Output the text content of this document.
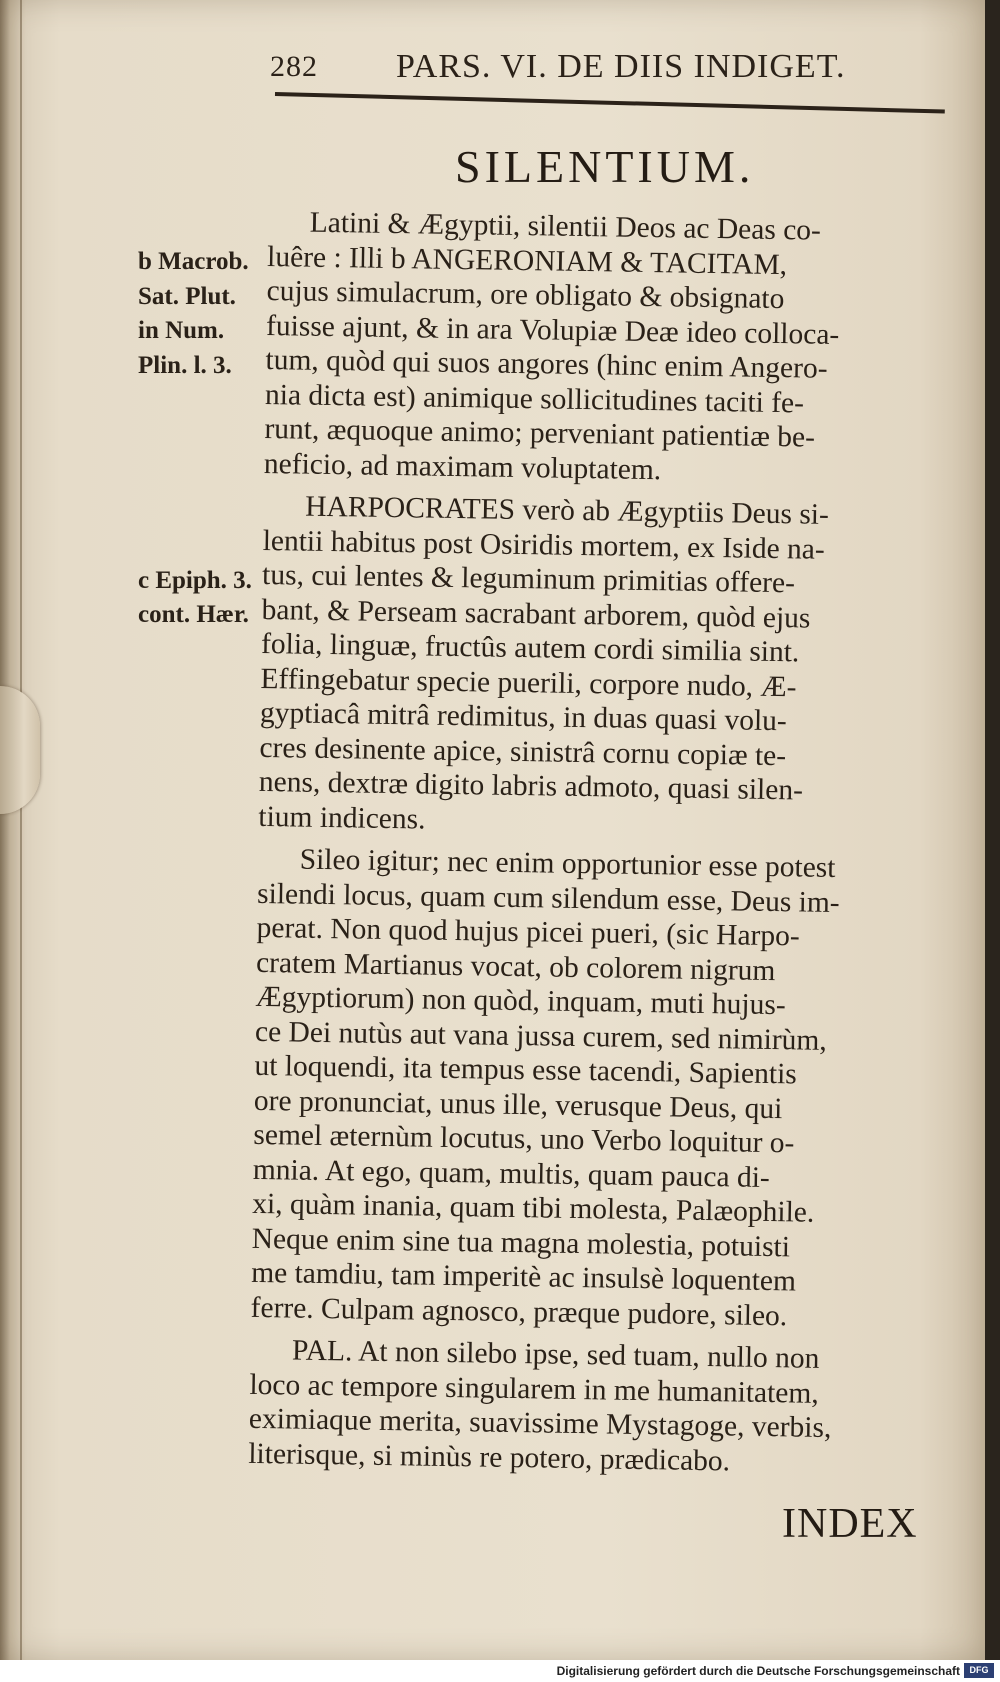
282 PARS. VI. DE DIIS INDIGET.
SILENTIUM.
b Macrob.
Sat. Plut.
in Num.
Plin. l. 3.
c Epiph. 3.
cont. Hær.
Latini & Ægyptii, silentii Deos ac Deas co-
luêre : Illi b ANGERONIAM & TACITAM,
cujus simulacrum, ore obligato & obsignato
fuisse ajunt, & in ara Volupiæ Deæ ideo colloca-
tum, quòd qui suos angores (hinc enim Angero-
nia dicta est) animique sollicitudines taciti fe-
runt, æquoque animo; perveniant patientiæ be-
neficio, ad maximam voluptatem.
HARPOCRATES verò ab Ægyptiis Deus si-
lentii habitus post Osiridis mortem, ex Iside na-
tus, cui lentes & leguminum primitias offere-
bant, & Perseam sacrabant arborem, quòd ejus
folia, linguæ, fructûs autem cordi similia sint.
Effingebatur specie puerili, corpore nudo, Æ-
gyptiacâ mitrâ redimitus, in duas quasi volu-
cres desinente apice, sinistrâ cornu copiæ te-
nens, dextræ digito labris admoto, quasi silen-
tium indicens.
Sileo igitur; nec enim opportunior esse potest
silendi locus, quam cum silendum esse, Deus im-
perat. Non quod hujus picei pueri, (sic Harpo-
cratem Martianus vocat, ob colorem nigrum
Ægyptiorum) non quòd, inquam, muti hujus-
ce Dei nutùs aut vana jussa curem, sed nimirùm,
ut loquendi, ita tempus esse tacendi, Sapientis
ore pronunciat, unus ille, verusque Deus, qui
semel æternùm locutus, uno Verbo loquitur o-
mnia. At ego, quam, multis, quam pauca di-
xi, quàm inania, quam tibi molesta, Palæophile.
Neque enim sine tua magna molestia, potuisti
me tamdiu, tam imperitè ac insulsè loquentem
ferre. Culpam agnosco, præque pudore, sileo.
PAL. At non silebo ipse, sed tuam, nullo non
loco ac tempore singularem in me humanitatem,
eximiaque merita, suavissime Mystagoge, verbis,
literisque, si minùs re potero, prædicabo.
INDEX
Digitalisierung gefördert durch die Deutsche Forschungsgemeinschaft	DFG
